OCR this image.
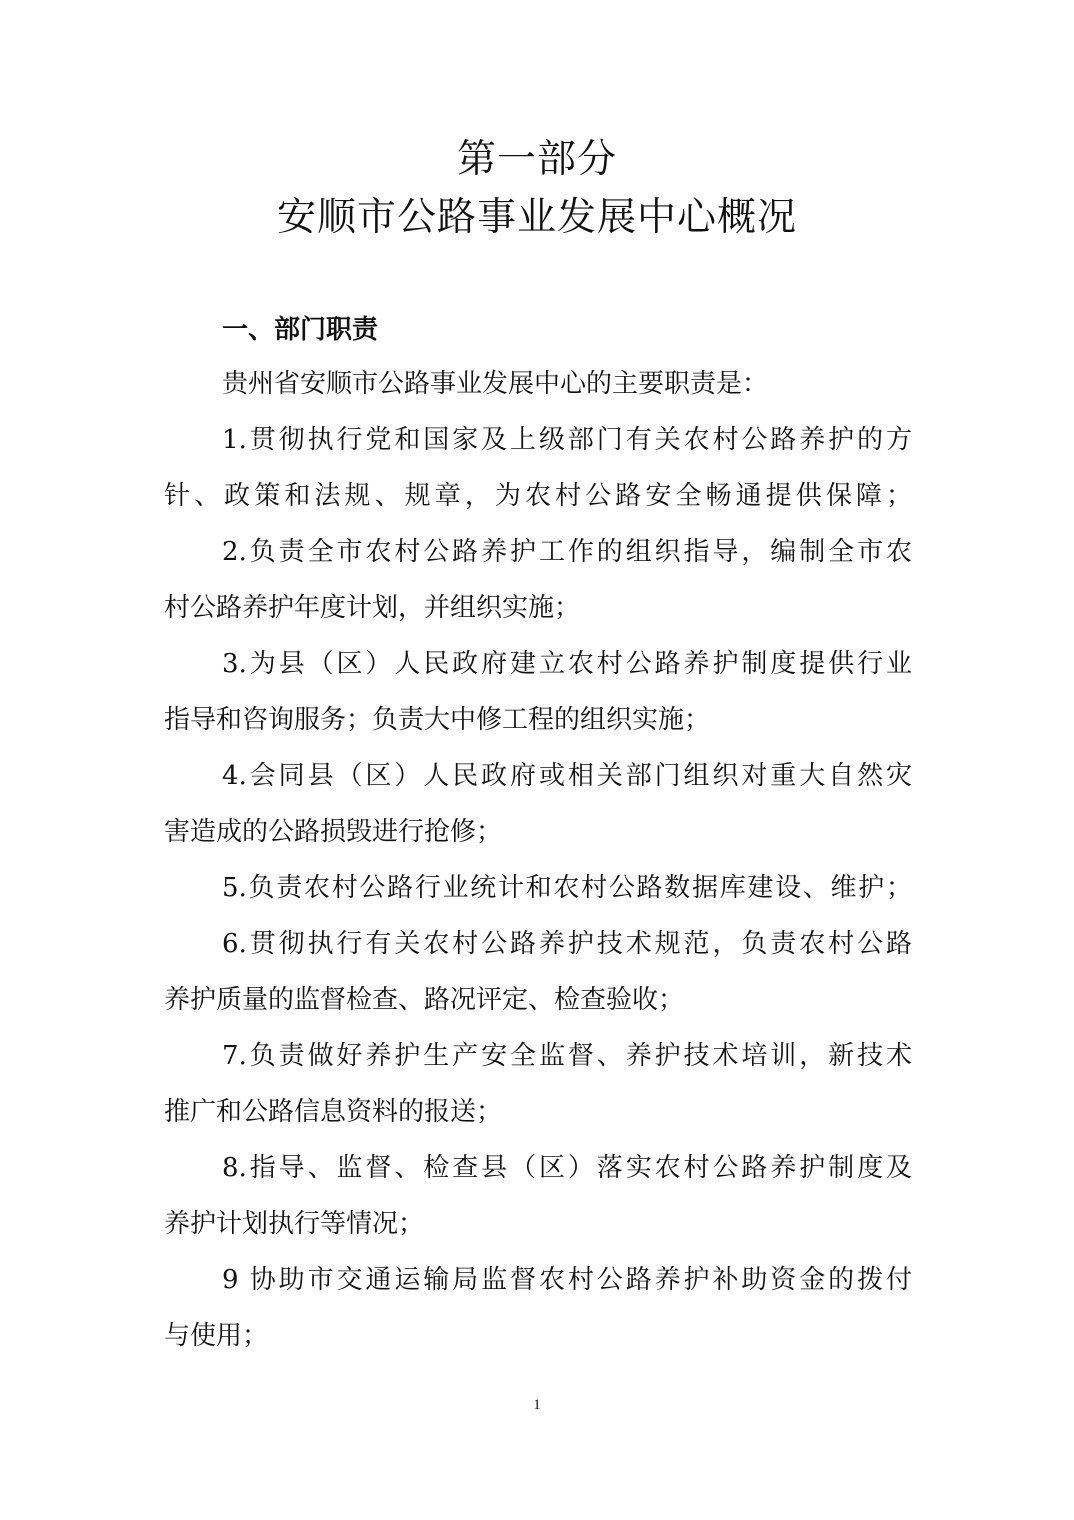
第一部分
安顺市公路事业发展中心概况
一、部门职责
贵州省安顺市公路事业发展中心的主要职责是：
1.贯彻执行党和国家及上级部门有关农村公路养护的方
针、政策和法规、规章，为农村公路安全畅通提供保障；
2.负责全市农村公路养护工作的组织指导，编制全市农
村公路养护年度计划，并组织实施；
3.为县（区）人民政府建立农村公路养护制度提供行业
指导和咨询服务；负责大中修工程的组织实施；
4.会同县（区）人民政府或相关部门组织对重大自然灾
害造成的公路损毁进行抢修；
5.负责农村公路行业统计和农村公路数据库建设、维护；
6.贯彻执行有关农村公路养护技术规范，负责农村公路
养护质量的监督检查、路况评定、检查验收；
7.负责做好养护生产安全监督、养护技术培训，新技术
推广和公路信息资料的报送；
8.指导、监督、检查县（区）落实农村公路养护制度及
养护计划执行等情况；
9 协助市交通运输局监督农村公路养护补助资金的拨付
与使用；
1
